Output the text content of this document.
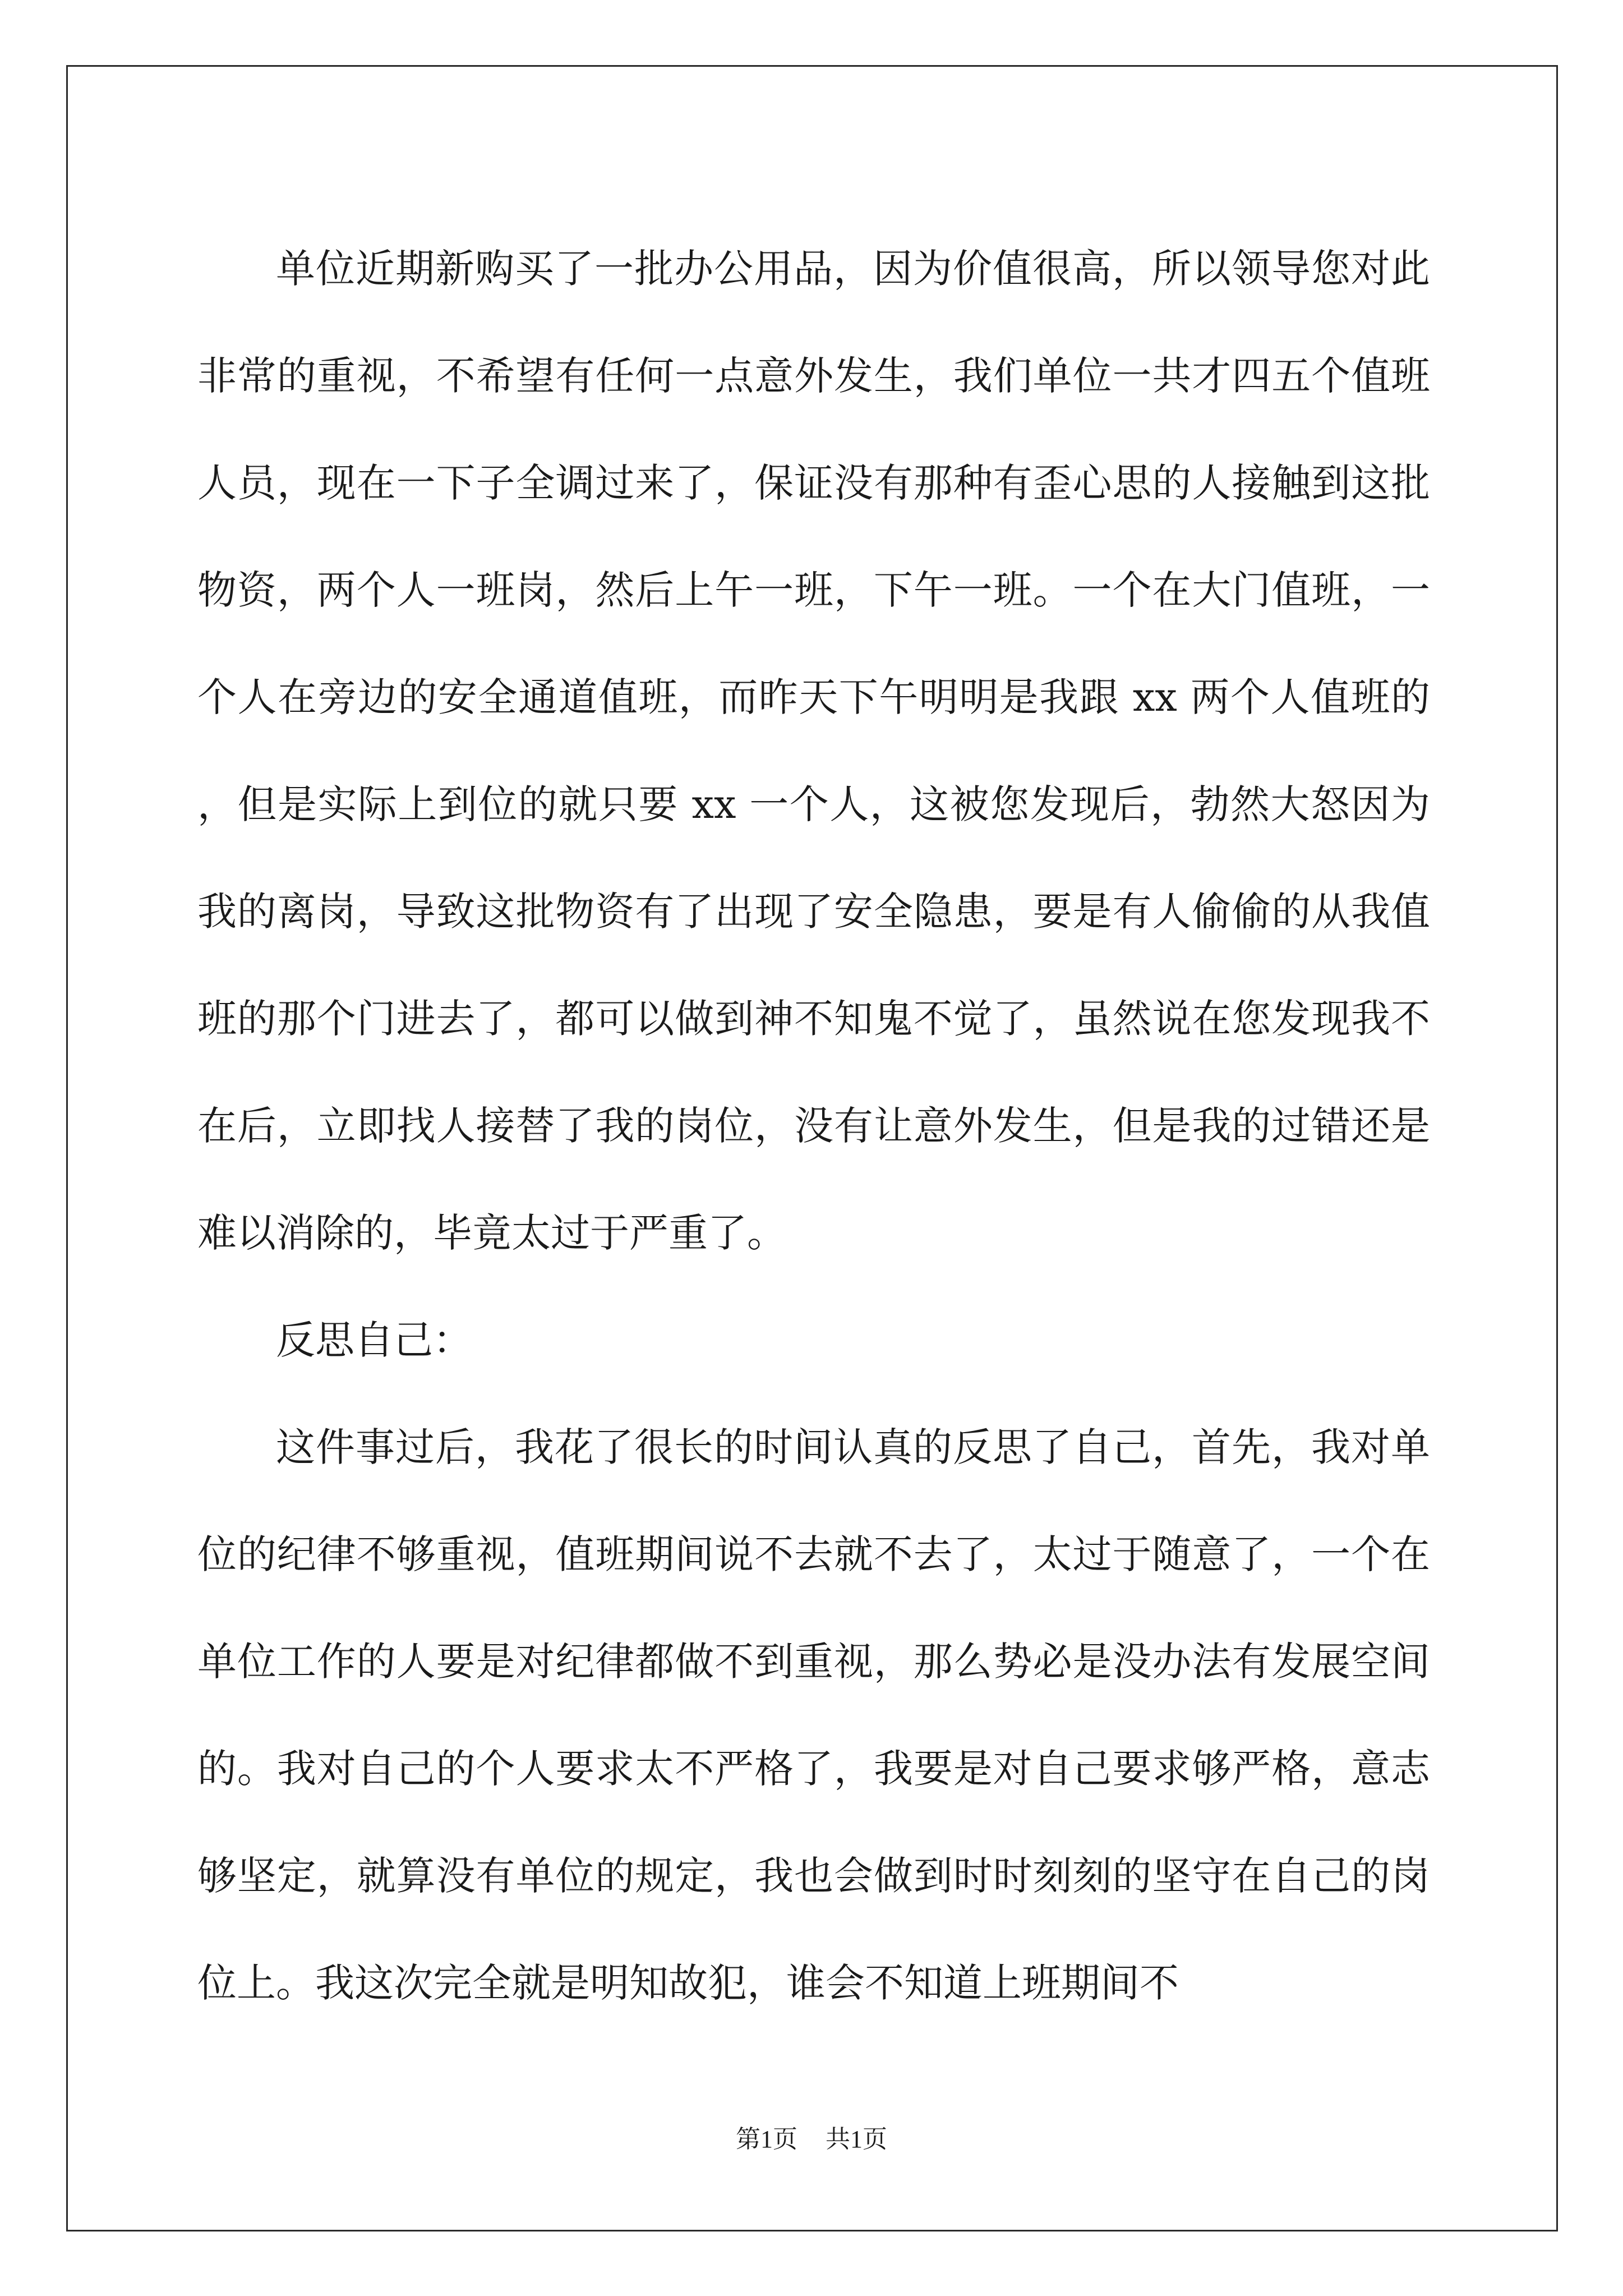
单位近期新购买了一批办公用品，因为价值很高，所以领导您对此非常的重视，不希望有任何一点意外发生，我们单位一共才四五个值班人员，现在一下子全调过来了，保证没有那种有歪心思的人接触到这批物资，两个人一班岗，然后上午一班，下午一班。一个在大门值班，一个人在旁边的安全通道值班，而昨天下午明明是我跟 xx 两个人值班的，但是实际上到位的就只要 xx 一个人，这被您发现后，勃然大怒因为我的离岗，导致这批物资有了出现了安全隐患，要是有人偷偷的从我值班的那个门进去了，都可以做到神不知鬼不觉了，虽然说在您发现我不在后，立即找人接替了我的岗位，没有让意外发生，但是我的过错还是难以消除的，毕竟太过于严重了。

反思自己：

这件事过后，我花了很长的时间认真的反思了自己，首先，我对单位的纪律不够重视，值班期间说不去就不去了，太过于随意了，一个在单位工作的人要是对纪律都做不到重视，那么势必是没办法有发展空间的。我对自己的个人要求太不严格了，我要是对自己要求够严格，意志够坚定，就算没有单位的规定，我也会做到时时刻刻的坚守在自己的岗位上。我这次完全就是明知故犯，谁会不知道上班期间不

第1页 共1页
